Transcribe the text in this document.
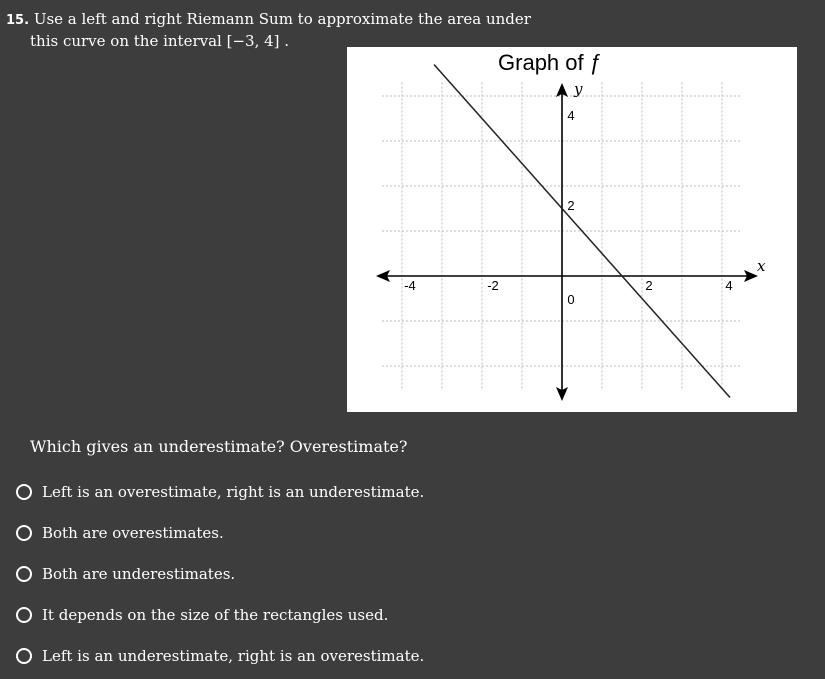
15. Use a left and right Riemann Sum to approximate the area under
this curve on the interval [−3, 4] .
Graph of ƒ
x
y
-4	-2	2	4
4
2
0
Which gives an underestimate? Overestimate?
Left is an overestimate, right is an underestimate.
Both are overestimates.
Both are underestimates.
It depends on the size of the rectangles used.
Left is an underestimate, right is an overestimate.
